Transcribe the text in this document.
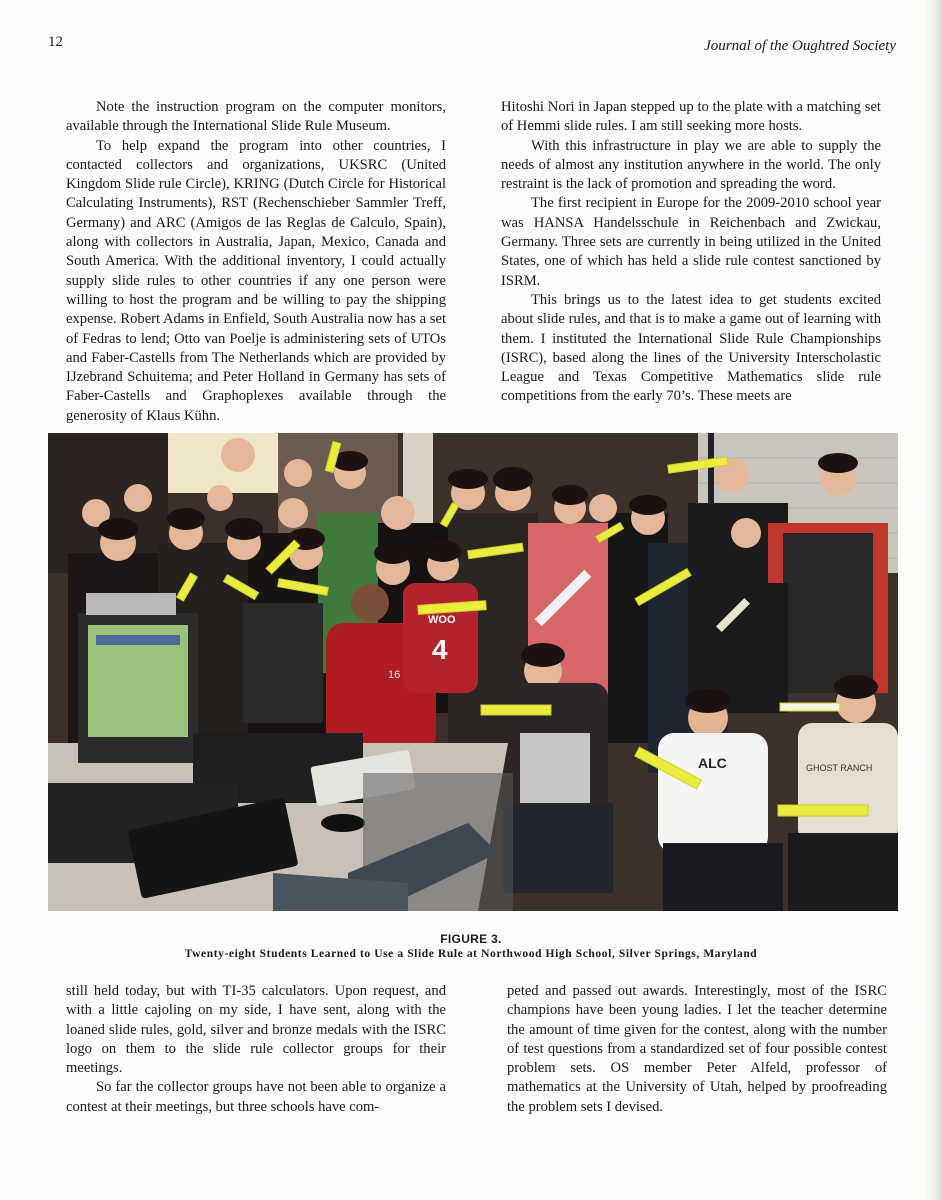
12	Journal of the Oughtred Society

Note the instruction program on the computer monitors, available through the International Slide Rule Museum.

To help expand the program into other countries, I contacted collectors and organizations, UKSRC (United Kingdom Slide rule Circle), KRING (Dutch Circle for Historical Calculating Instruments), RST (Rechenschieber Sammler Treff, Germany) and ARC (Amigos de las Reglas de Calculo, Spain), along with collectors in Australia, Japan, Mexico, Canada and South America. With the additional inventory, I could actually supply slide rules to other countries if any one person were willing to host the program and be willing to pay the shipping expense. Robert Adams in Enfield, South Australia now has a set of Fedras to lend; Otto van Poelje is administering sets of UTOs and Faber-Castells from The Netherlands which are provided by IJzebrand Schuitema; and Peter Holland in Germany has sets of Faber-Castells and Graphoplexes available through the generosity of Klaus Kühn.

Hitoshi Nori in Japan stepped up to the plate with a matching set of Hemmi slide rules. I am still seeking more hosts.

With this infrastructure in play we are able to supply the needs of almost any institution anywhere in the world. The only restraint is the lack of promotion and spreading the word.

The first recipient in Europe for the 2009-2010 school year was HANSA Handelsschule in Reichenbach and Zwickau, Germany. Three sets are currently in being utilized in the United States, one of which has held a slide rule contest sanctioned by ISRM.

This brings us to the latest idea to get students excited about slide rules, and that is to make a game out of learning with them. I instituted the International Slide Rule Championships (ISRC), based along the lines of the University Interscholastic League and Texas Competitive Mathematics slide rule competitions from the early 70’s. These meets are

16
WOO
4
ALC	GHOST RANCH
FIGURE 3.
Twenty-eight Students Learned to Use a Slide Rule at Northwood High School, Silver Springs, Maryland

still held today, but with TI-35 calculators. Upon request, and with a little cajoling on my side, I have sent, along with the loaned slide rules, gold, silver and bronze medals with the ISRC logo on them to the slide rule collector groups for their meetings.

So far the collector groups have not been able to organize a contest at their meetings, but three schools have com-

peted and passed out awards. Interestingly, most of the ISRC champions have been young ladies. I let the teacher determine the amount of time given for the contest, along with the number of test questions from a standardized set of four possible contest problem sets. OS member Peter Alfeld, professor of mathematics at the University of Utah, helped by proofreading the problem sets I devised.
